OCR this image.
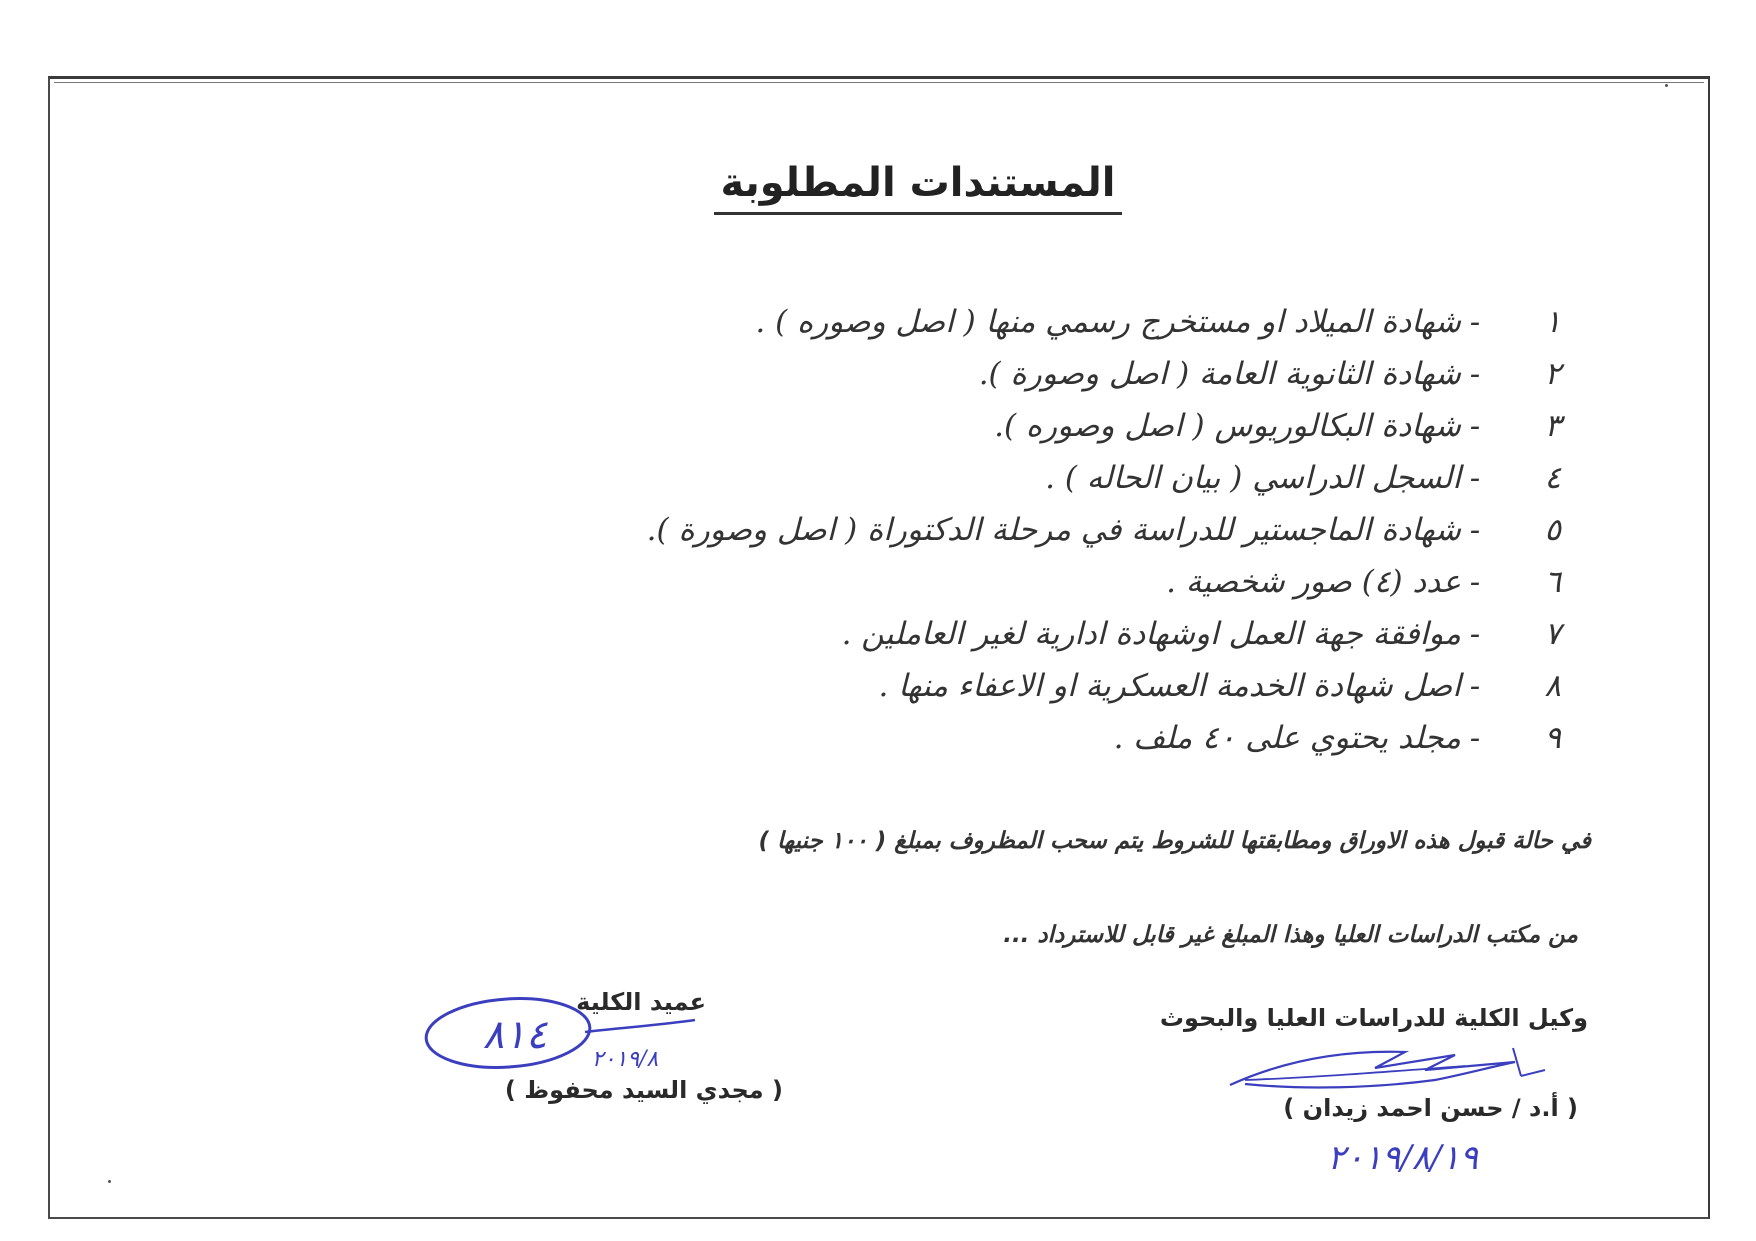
المستندات المطلوبة
١-شهادة الميلاد او مستخرج رسمي منها ( اصل وصوره ) .
٢-شهادة الثانوية العامة ( اصل وصورة ).
٣-شهادة البكالوريوس ( اصل وصوره ).
٤-السجل الدراسي ( بيان الحاله ) .
٥-شهادة الماجستير للدراسة في مرحلة الدكتوراة ( اصل وصورة ).
٦-عدد (٤) صور شخصية .
٧-موافقة جهة العمل اوشهادة ادارية لغير العاملين .
٨-اصل شهادة الخدمة العسكرية او الاعفاء منها .
٩-مجلد يحتوي على ٤٠ ملف .
في حالة قبول هذه الاوراق ومطابقتها للشروط يتم سحب المظروف بمبلغ ( ١٠٠ جنيها )
من مكتب الدراسات العليا وهذا المبلغ غير قابل للاسترداد ...
وكيل الكلية للدراسات العليا والبحوث
( أ.د / حسن احمد زيدان )
عميد الكلية
( مجدي السيد محفوظ )
٨١٤
٢٠١٩/٨
٢٠١٩/٨/١٩
